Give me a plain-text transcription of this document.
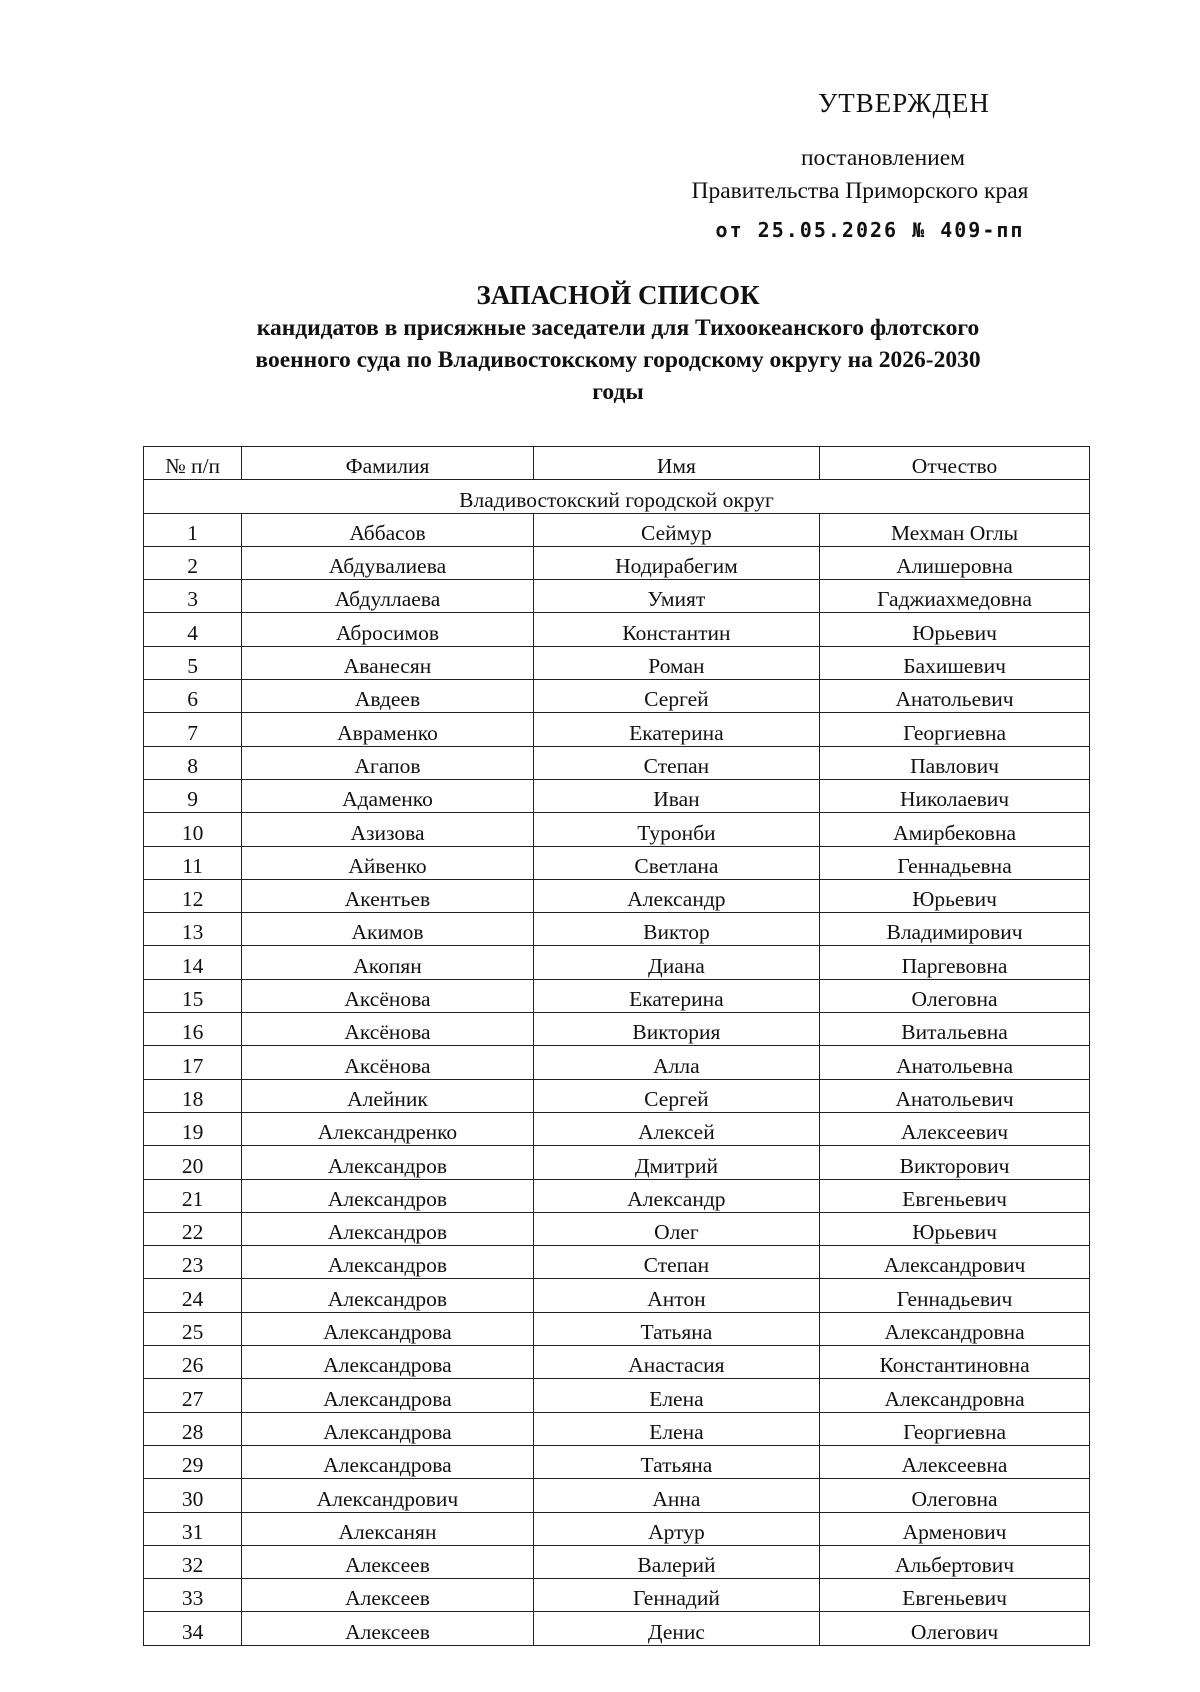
УТВЕРЖДЕН
постановлением
Правительства Приморского края
от 25.05.2026 № 409-пп
ЗАПАСНОЙ СПИСОК
кандидатов в присяжные заседатели для Тихоокеанского флотского военного суда по Владивостокскому городскому округу на 2026-2030 годы
№ п/п	Фамилия	Имя	Отчество
Владивостокский городской округ			
1	Аббасов	Сеймур	Мехман Оглы
2	Абдувалиева	Нодирабегим	Алишеровна
3	Абдуллаева	Умият	Гаджиахмедовна
4	Абросимов	Константин	Юрьевич
5	Аванесян	Роман	Бахишевич
6	Авдеев	Сергей	Анатольевич
7	Авраменко	Екатерина	Георгиевна
8	Агапов	Степан	Павлович
9	Адаменко	Иван	Николаевич
10	Азизова	Туронби	Амирбековна
11	Айвенко	Светлана	Геннадьевна
12	Акентьев	Александр	Юрьевич
13	Акимов	Виктор	Владимирович
14	Акопян	Диана	Паргевовна
15	Аксёнова	Екатерина	Олеговна
16	Аксёнова	Виктория	Витальевна
17	Аксёнова	Алла	Анатольевна
18	Алейник	Сергей	Анатольевич
19	Александренко	Алексей	Алексеевич
20	Александров	Дмитрий	Викторович
21	Александров	Александр	Евгеньевич
22	Александров	Олег	Юрьевич
23	Александров	Степан	Александрович
24	Александров	Антон	Геннадьевич
25	Александрова	Татьяна	Александровна
26	Александрова	Анастасия	Константиновна
27	Александрова	Елена	Александровна
28	Александрова	Елена	Георгиевна
29	Александрова	Татьяна	Алексеевна
30	Александрович	Анна	Олеговна
31	Алексанян	Артур	Арменович
32	Алексеев	Валерий	Альбертович
33	Алексеев	Геннадий	Евгеньевич
34	Алексеев	Денис	Олегович
